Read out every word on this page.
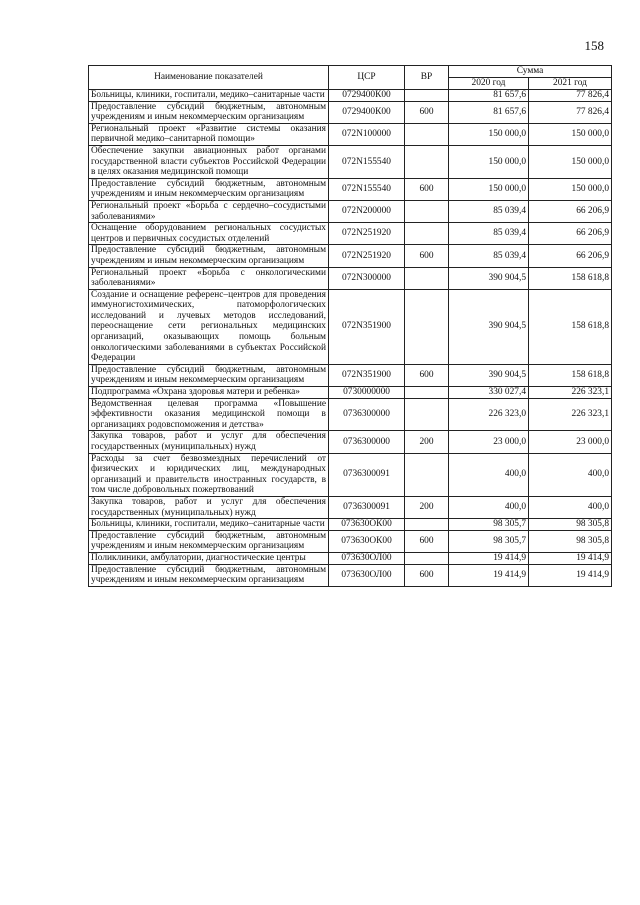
158
Наименование показателей	ЦСР	ВР	Сумма	
			2020 год	2021 год
Больницы, клиники, госпитали, медико–санитарные части	0729400К00		81 657,6	77 826,4
Предоставление субсидий бюджетным, автономным учреждениям и иным некоммерческим организациям	0729400К00	600	81 657,6	77 826,4
Региональный проект «Развитие системы оказания первичной медико–санитарной помощи»	072N100000		150 000,0	150 000,0
Обеспечение закупки авиационных работ органами государственной власти субъектов Российской Федерации в целях оказания медицинской помощи	072N155540		150 000,0	150 000,0
Предоставление субсидий бюджетным, автономным учреждениям и иным некоммерческим организациям	072N155540	600	150 000,0	150 000,0
Региональный проект «Борьба с сердечно–сосудистыми заболеваниями»	072N200000		85 039,4	66 206,9
Оснащение оборудованием региональных сосудистых центров и первичных сосудистых отделений	072N251920		85 039,4	66 206,9
Предоставление субсидий бюджетным, автономным учреждениям и иным некоммерческим организациям	072N251920	600	85 039,4	66 206,9
Региональный проект «Борьба с онкологическими заболеваниями»	072N300000		390 904,5	158 618,8
Создание и оснащение референс–центров для проведения иммуногистохимических, патоморфологических исследований и лучевых методов исследований, переоснащение сети региональных медицинских организаций, оказывающих помощь больным онкологическими заболеваниями в субъектах Российской Федерации	072N351900		390 904,5	158 618,8
Предоставление субсидий бюджетным, автономным учреждениям и иным некоммерческим организациям	072N351900	600	390 904,5	158 618,8
Подпрограмма «Охрана здоровья матери и ребенка»	0730000000		330 027,4	226 323,1
Ведомственная целевая программа «Повышение эффективности оказания медицинской помощи в организациях родовспоможения и детства»	0736300000		226 323,0	226 323,1
Закупка товаров, работ и услуг для обеспечения государственных (муниципальных) нужд	0736300000	200	23 000,0	23 000,0
Расходы за счет безвозмездных перечислений от физических и юридических лиц, международных организаций и правительств иностранных государств, в том числе добровольных пожертвований	0736300091		400,0	400,0
Закупка товаров, работ и услуг для обеспечения государственных (муниципальных) нужд	0736300091	200	400,0	400,0
Больницы, клиники, госпитали, медико–санитарные части	073630ОК00		98 305,7	98 305,8
Предоставление субсидий бюджетным, автономным учреждениям и иным некоммерческим организациям	073630ОК00	600	98 305,7	98 305,8
Поликлиники, амбулатории, диагностические центры	073630ОЛ00		19 414,9	19 414,9
Предоставление субсидий бюджетным, автономным учреждениям и иным некоммерческим организациям	073630ОЛ00	600	19 414,9	19 414,9
